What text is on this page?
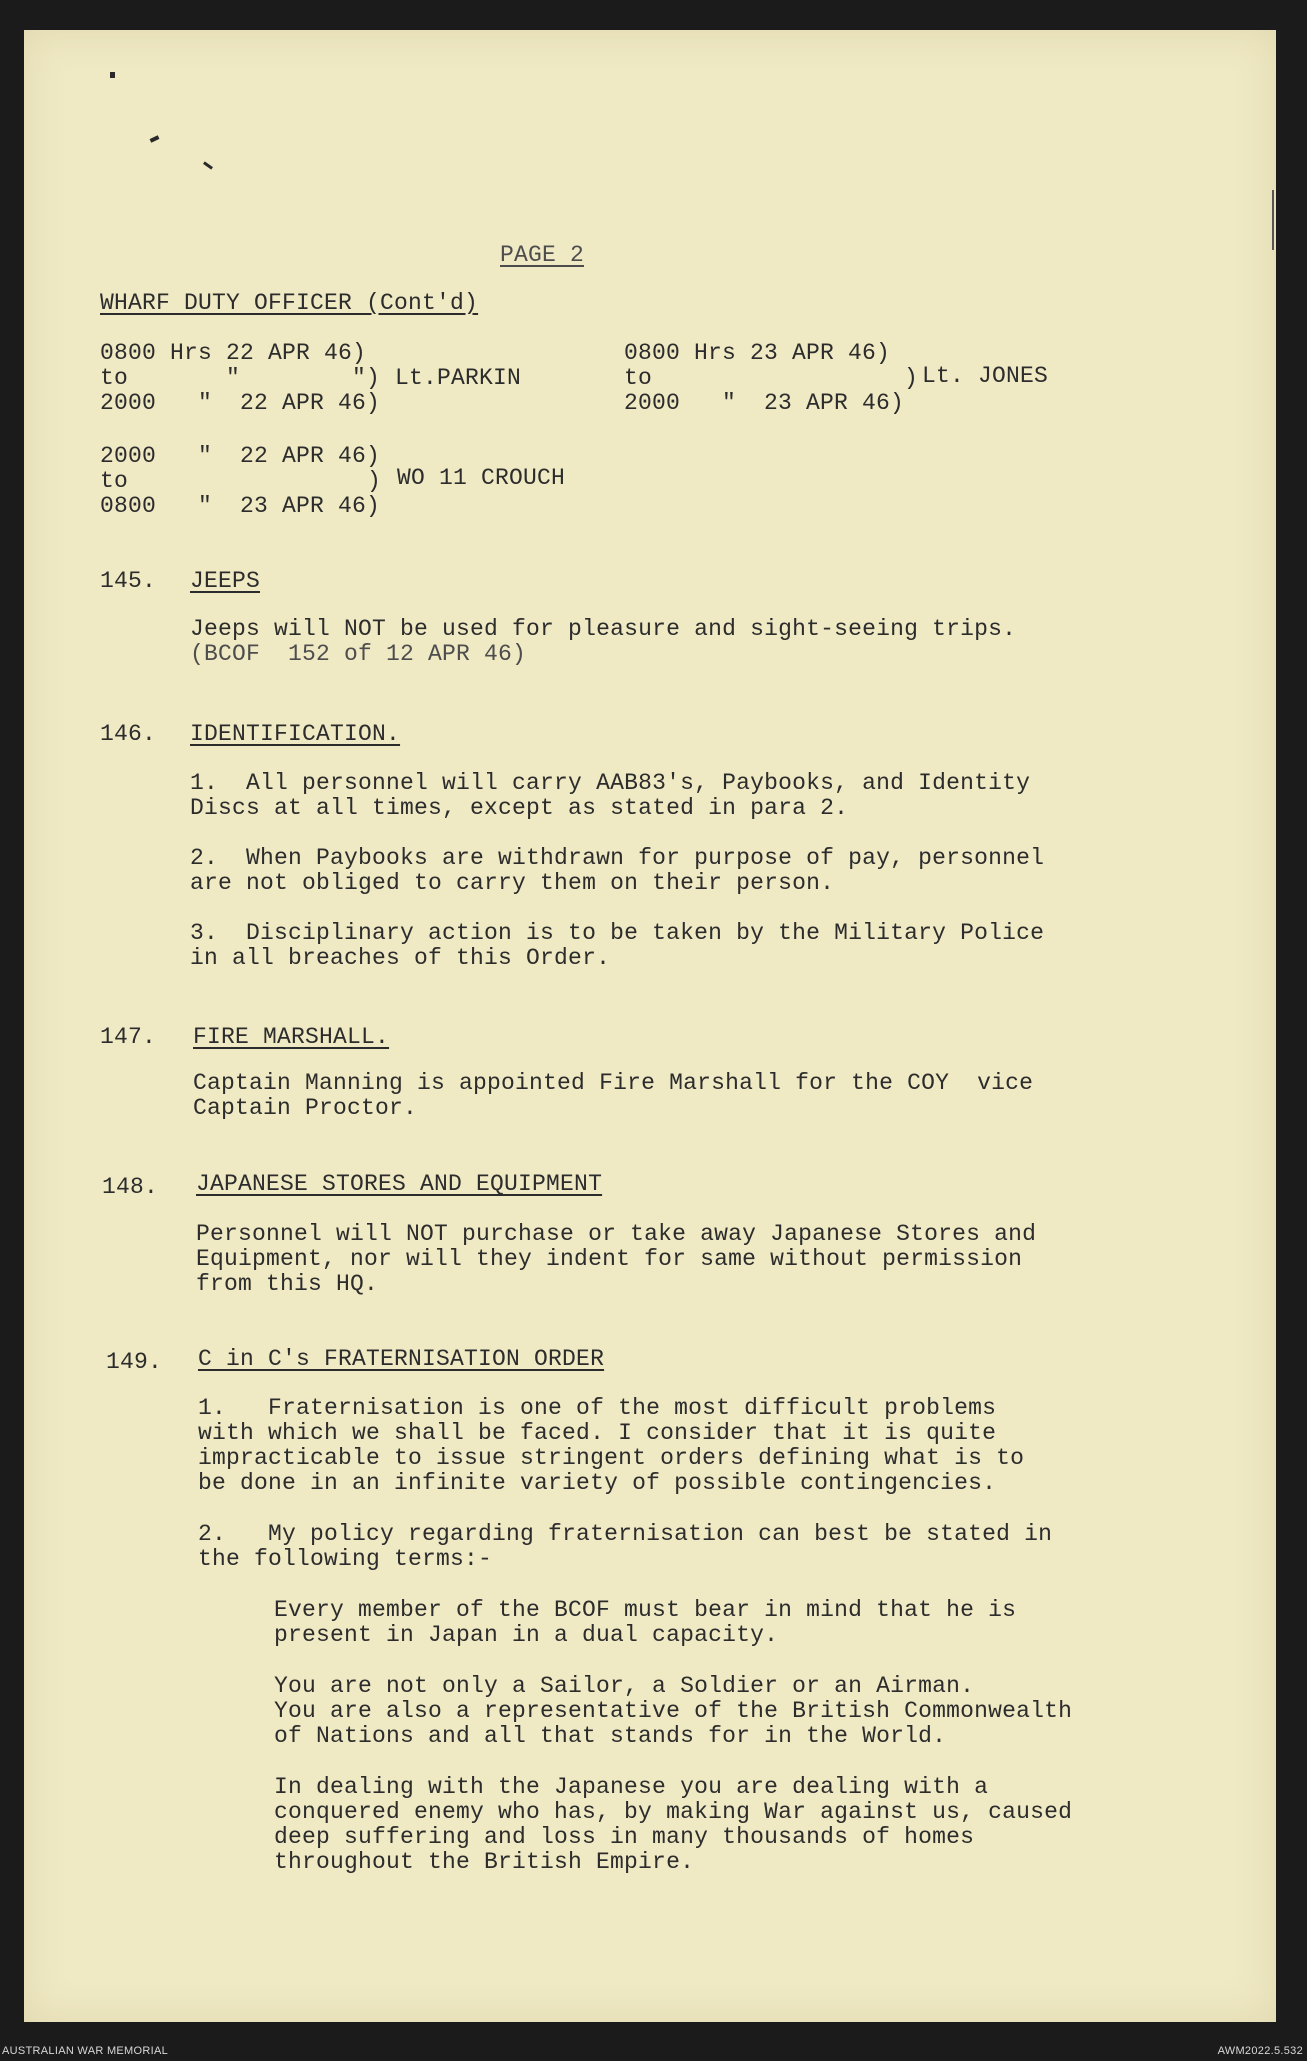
PAGE 2
WHARF DUTY OFFICER (Cont'd)
0800 Hrs 22 APR 46)
to       "        ") Lt.PARKIN
2000   "  22 APR 46)
0800 Hrs 23 APR 46)
to                  ) Lt. JONES
2000   "  23 APR 46)
2000   "  22 APR 46)
to	) WO 11 CROUCH
0800   "  23 APR 46)
145. JEEPS
Jeeps will NOT be used for pleasure and sight-seeing trips.
(BCOF  152 of 12 APR 46)
146. IDENTIFICATION.
1.  All personnel will carry AAB83's, Paybooks, and Identity
Discs at all times, except as stated in para 2.
2.  When Paybooks are withdrawn for purpose of pay, personnel
are not obliged to carry them on their person.
3.  Disciplinary action is to be taken by the Military Police
in all breaches of this Order.
147. FIRE MARSHALL.
Captain Manning is appointed Fire Marshall for the COY  vice
Captain Proctor.
148. JAPANESE STORES AND EQUIPMENT
Personnel will NOT purchase or take away Japanese Stores and
Equipment, nor will they indent for same without permission
from this HQ.
149. C in C's FRATERNISATION ORDER
1.   Fraternisation is one of the most difficult problems
with which we shall be faced. I consider that it is quite
impracticable to issue stringent orders defining what is to
be done in an infinite variety of possible contingencies.
2.   My policy regarding fraternisation can best be stated in
the following terms:-
Every member of the BCOF must bear in mind that he is
present in Japan in a dual capacity.
You are not only a Sailor, a Soldier or an Airman.
You are also a representative of the British Commonwealth
of Nations and all that stands for in the World.
In dealing with the Japanese you are dealing with a
conquered enemy who has, by making War against us, caused
deep suffering and loss in many thousands of homes
throughout the British Empire.
AUSTRALIAN WAR MEMORIAL	AWM2022.5.532
